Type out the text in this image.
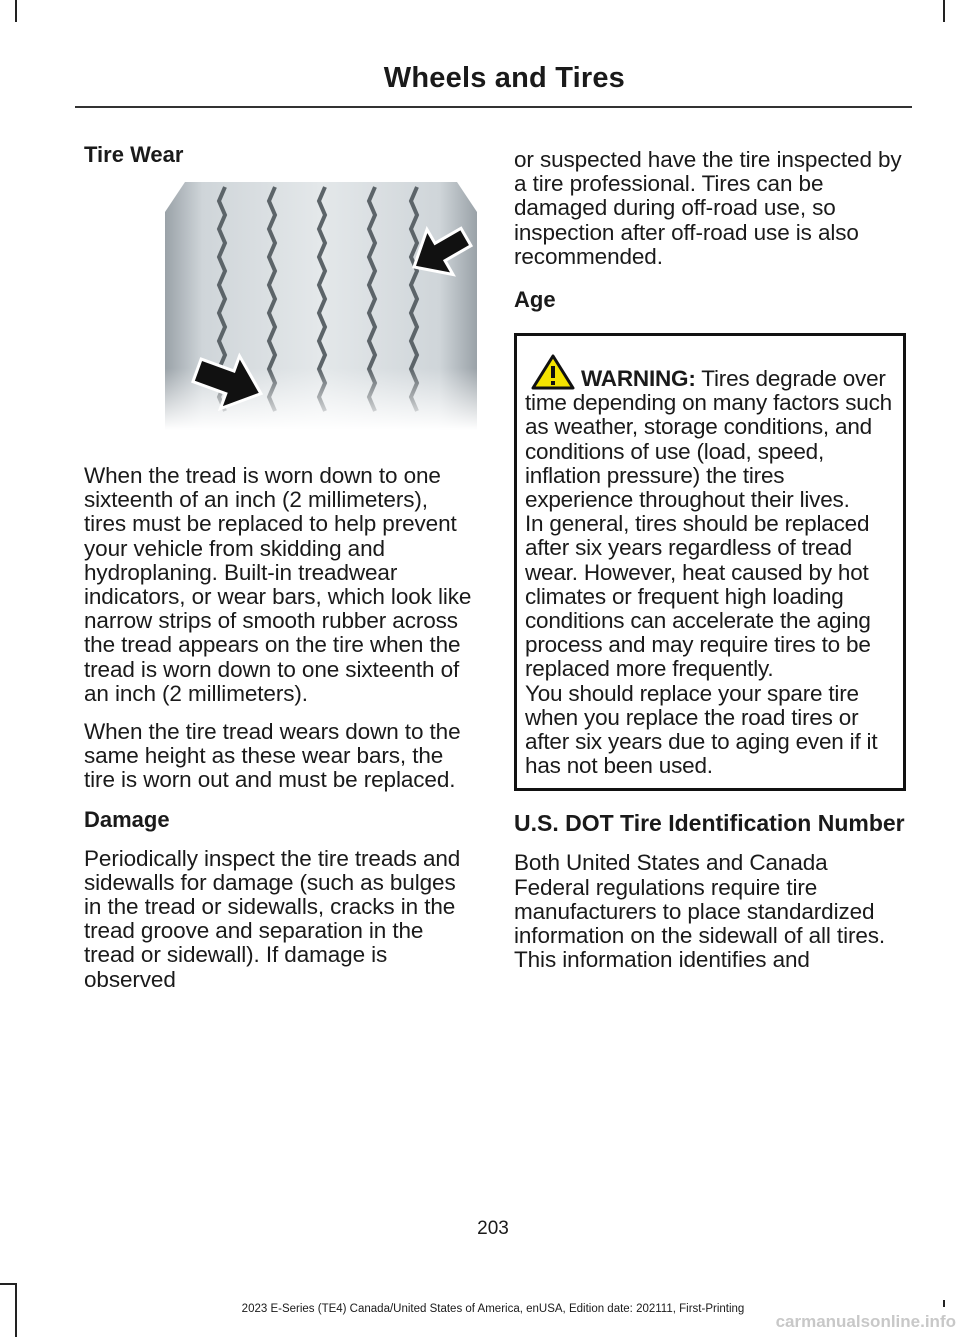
Wheels and Tires
Tire Wear

When the tread is worn down to one sixteenth of an inch (2 millimeters), tires must be replaced to help prevent your vehicle from skidding and hydroplaning. Built-in treadwear indicators, or wear bars, which look like narrow strips of smooth rubber across the tread appears on the tire when the tread is worn down to one sixteenth of an inch (2 millimeters).

When the tire tread wears down to the same height as these wear bars, the tire is worn out and must be replaced.

Damage

Periodically inspect the tire treads and sidewalls for damage (such as bulges in the tread or sidewalls, cracks in the tread groove and separation in the tread or sidewall). If damage is observed

or suspected have the tire inspected by a tire professional. Tires can be damaged during off-road use, so inspection after off-road use is also recommended.

Age

WARNING: Tires degrade over time depending on many factors such as weather, storage conditions, and conditions of use (load, speed, inflation pressure) the tires experience throughout their lives.

In general, tires should be replaced after six years regardless of tread wear. However, heat caused by hot climates or frequent high loading conditions can accelerate the aging process and may require tires to be replaced more frequently.

You should replace your spare tire when you replace the road tires or after six years due to aging even if it has not been used.

U.S. DOT Tire Identification Number

Both United States and Canada Federal regulations require tire manufacturers to place standardized information on the sidewall of all tires. This information identifies and

203
2023 E-Series (TE4) Canada/United States of America, enUSA, Edition date: 202111, First-Printing
carmanualsonline.info
